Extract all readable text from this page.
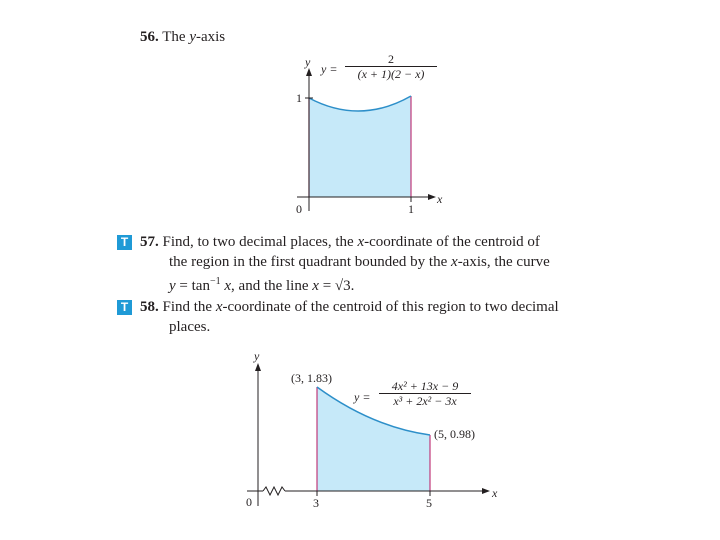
56. The y-axis
y
x
1
0	1
$y = \frac{2}{(x + 1)(2 - x)}$
T 57. Find, to two decimal places, the x-coordinate of the centroid of
the region in the first quadrant bounded by the x-axis, the curve
$y = \tan^{-1} x$, and the line x = √3.
T 58. Find the x-coordinate of the centroid of this region to two decimal
places.
y
x
0	3	5
(3, 1.83)
(5, 0.98)
$y = \frac{\text{4x² + 13x − 9}}{\text{x³ + 2x² − 3x}}$
